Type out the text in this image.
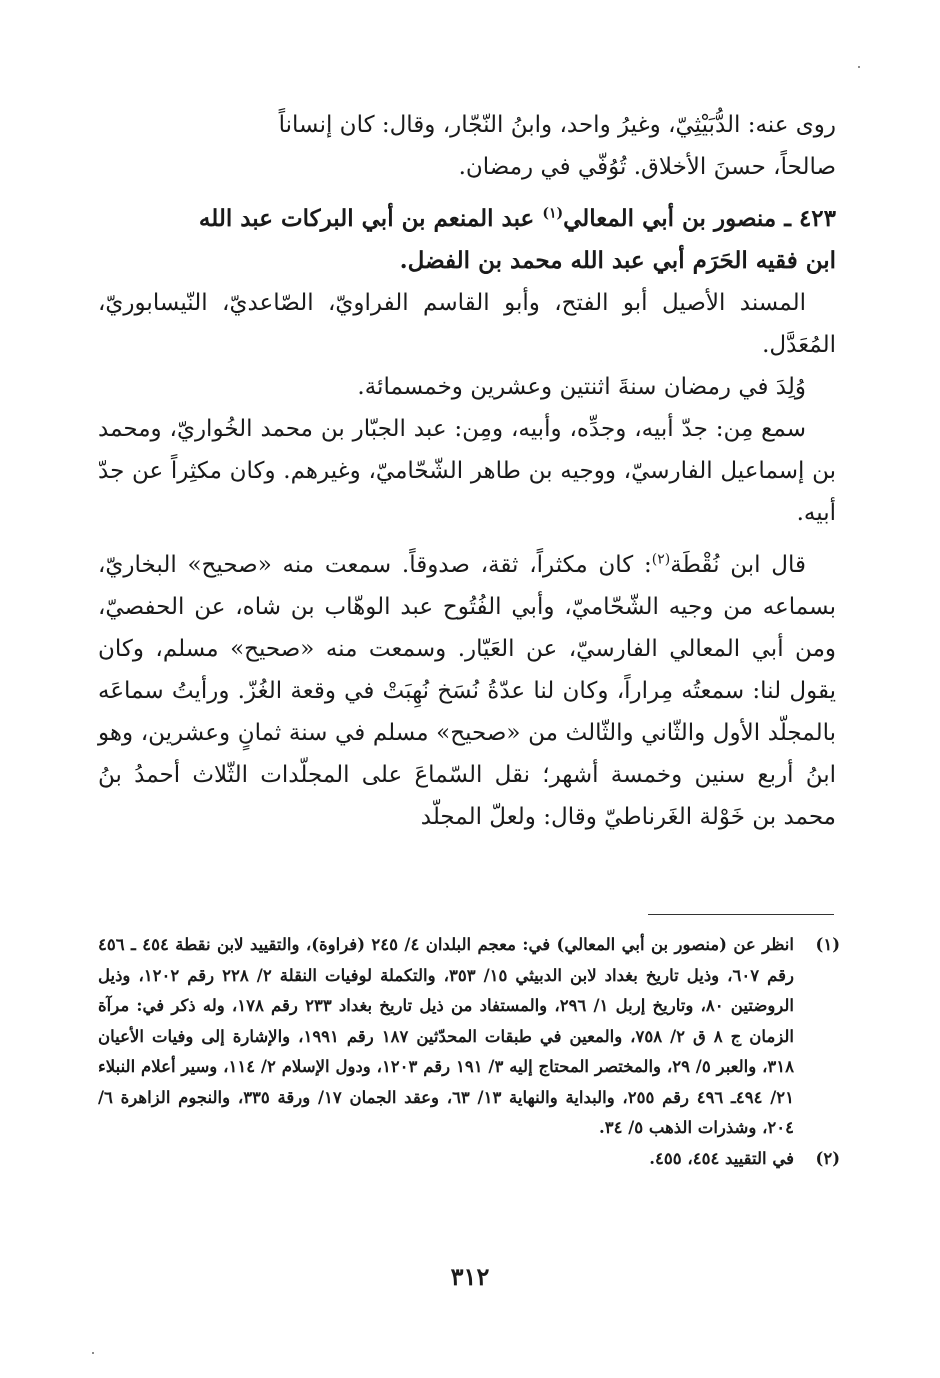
روى عنه: الدُّبَيْثِيّ، وغيرُ واحد، وابنُ النّجّار، وقال: كان إنساناً
صالحاً، حسنَ الأخلاق. تُوُفّي في رمضان.

٤٢٣ ـ منصور بن أبي المعالي$^{(١)}$ عبد المنعم بن أبي البركات عبد الله
ابن فقيه الحَرَم أبي عبد الله محمد بن الفضل.

المسند الأصيل أبو الفتح، وأبو القاسم الفراويّ، الصّاعديّ، النّيسابوريّ، المُعَدَّل.

وُلِدَ في رمضان سنةَ اثنتين وعشرين وخمسمائة.

سمع مِن: جدّ أبيه، وجدِّه، وأبيه، ومِن: عبد الجبّار بن محمد الخُواريّ، ومحمد بن إسماعيل الفارسيّ، ووجيه بن طاهر الشّحّاميّ، وغيرهم. وكان مكثِراً عن جدّ أبيه.

قال ابن نُقْطَة$^{(٢)}$: كان مكثراً، ثقة، صدوقاً. سمعت منه «صحيح» البخاريّ، بسماعه من وجيه الشّحّاميّ، وأبي الفُتُوح عبد الوهّاب بن شاه، عن الحفصيّ، ومن أبي المعالي الفارسيّ، عن العَيّار. وسمعت منه «صحيح» مسلم، وكان يقول لنا: سمعتُه مِراراً، وكان لنا عدّةُ نُسَخ نُهِبَتْ في وقعة الغُزّ. ورأيتُ سماعَه بالمجلّد الأول والثّاني والثّالث من «صحيح» مسلم في سنة ثمانٍ وعشرين، وهو ابنُ أربع سنين وخمسة أشهر؛ نقل السّماعَ على المجلّدات الثّلاث أحمدُ بنُ محمد بن خَوْلة الغَرناطيّ وقال: ولعلّ المجلّد

(١)
انظر عن (منصور بن أبي المعالي) في: معجم البلدان ٤/ ٢٤٥ (فراوة)، والتقييد لابن نقطة ٤٥٤ ـ ٤٥٦ رقم ٦٠٧، وذيل تاريخ بغداد لابن الدبيثي ١٥/ ٣٥٣، والتكملة لوفيات النقلة ٢/ ٢٢٨ رقم ١٢٠٢، وذيل الروضتين ٨٠، وتاريخ إربل ١/ ٢٩٦، والمستفاد من ذيل تاريخ بغداد ٢٣٣ رقم ١٧٨، وله ذكر في: مرآة الزمان ج ٨ ق ٢/ ٧٥٨، والمعين في طبقات المحدّثين ١٨٧ رقم ١٩٩١، والإشارة إلى وفيات الأعيان ٣١٨، والعبر ٥/ ٢٩، والمختصر المحتاج إليه ٣/ ١٩١ رقم ١٢٠٣، ودول الإسلام ٢/ ١١٤، وسير أعلام النبلاء ٢١/ ٤٩٤ـ ٤٩٦ رقم ٢٥٥، والبداية والنهاية ١٣/ ٦٣، وعقد الجمان ١٧/ ورقة ٣٣٥، والنجوم الزاهرة ٦/ ٢٠٤، وشذرات الذهب ٥/ ٣٤.
(٢)
في التقييد ٤٥٤، ٤٥٥.
٣١٢
